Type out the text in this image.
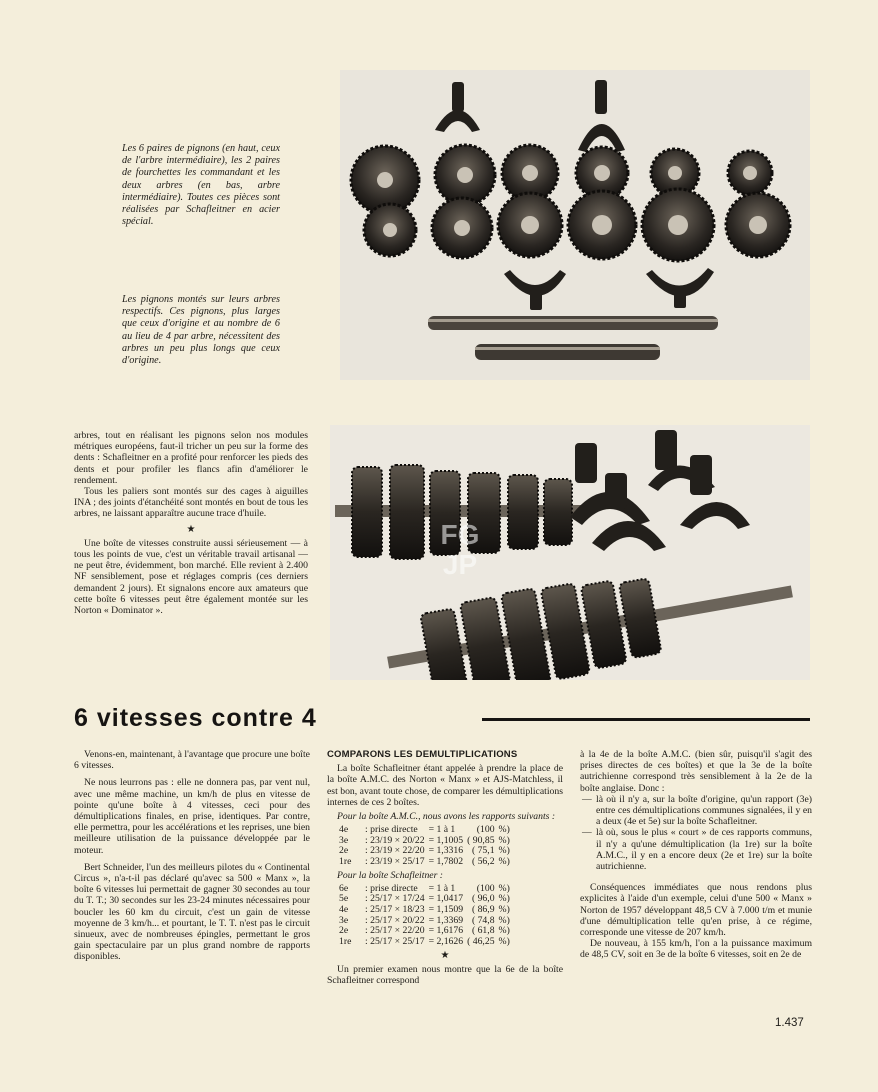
Les 6 paires de pignons (en haut, ceux de l'arbre intermédiaire), les 2 paires de fourchettes les commandant et les deux arbres (en bas, arbre intermédiaire). Toutes ces pièces sont réalisées par Schafleitner en acier spécial.

Les pignons montés sur leurs arbres respectifs. Ces pignons, plus larges que ceux d'origine et au nombre de 6 au lieu de 4 par arbre, nécessitent des arbres un peu plus longs que ceux d'origine.

arbres, tout en réalisant les pignons selon nos modules métriques européens, faut-il tricher un peu sur la forme des dents : Schafleitner en a profité pour renforcer les pieds des dents et pour profiler les flancs afin d'améliorer le rendement.

Tous les paliers sont montés sur des cages à aiguilles INA ; des joints d'étanchéité sont montés en bout de tous les arbres, ne laissant apparaître aucune trace d'huile.

★

Une boîte de vitesses construite aussi sérieusement — à tous les points de vue, c'est un véritable travail artisanal — ne peut être, évidemment, bon marché. Elle revient à 2.400 NF sensiblement, pose et réglages compris (ces derniers demandent 2 jours). Et signalons encore aux amateurs que cette boîte 6 vitesses peut être également montée sur les Norton « Dominator ».

FG
JP
6 vitesses contre 4

Venons-en, maintenant, à l'avantage que procure une boîte 6 vitesses.

Ne nous leurrons pas : elle ne donnera pas, par vent nul, avec une même machine, un km/h de plus en vitesse de pointe qu'une boîte à 4 vitesses, ceci pour des démultiplications finales, en prise, identiques. Par contre, elle permettra, pour les accélérations et les reprises, une bien meilleure utilisation de la puissance développée par le moteur.

Bert Schneider, l'un des meilleurs pilotes du « Continental Circus », n'a-t-il pas déclaré qu'avec sa 500 « Manx », la boîte 6 vitesses lui permettait de gagner 30 secondes au tour du T. T.; 30 secondes sur les 23-24 minutes nécessaires pour boucler les 60 km du circuit, c'est un gain de vitesse moyenne de 3 km/h... et pourtant, le T. T. n'est pas le circuit sinueux, avec de nombreuses épingles, permettant le gros gain spectaculaire par un plus grand nombre de rapports disponibles.

COMPARONS LES DEMULTIPLICATIONS

La boîte Schafleitner étant appelée à prendre la place de la boîte A.M.C. des Norton « Manx » et AJS-Matchless, il est bon, avant toute chose, de comparer les démultiplications internes de ces 2 boîtes.

Pour la boîte A.M.C., nous avons les rapports suivants :
4e	: prise directe	= 1 à 1	(100	%)
3e	: 23/19 × 20/22	= 1,1005	( 90,85	%)
2e	: 23/19 × 22/20	= 1,3316	( 75,1	%)
1re	: 23/19 × 25/17	= 1,7802	( 56,2	%)
Pour la boîte Schafleitner :
6e	: prise directe	= 1 à 1	(100	%)
5e	: 25/17 × 17/24	= 1,0417	( 96,0	%)
4e	: 25/17 × 18/23	= 1,1509	( 86,9	%)
3e	: 25/17 × 20/22	= 1,3369	( 74,8	%)
2e	: 25/17 × 22/20	= 1,6176	( 61,8	%)
1re	: 25/17 × 25/17	= 2,1626	( 46,25	%)
★

Un premier examen nous montre que la 6e de la boîte Schafleitner correspond

à la 4e de la boîte A.M.C. (bien sûr, puisqu'il s'agit des prises directes de ces boîtes) et que la 3e de la boîte autrichienne correspond très sensiblement à la 2e de la boîte anglaise. Donc :

— là où il n'y a, sur la boîte d'origine, qu'un rapport (3e) entre ces démultiplications communes signalées, il y en a deux (4e et 5e) sur la boîte Schafleitner.

— là où, sous le plus « court » de ces rapports communs, il n'y a qu'une démultiplication (la 1re) sur la boîte A.M.C., il y en a encore deux (2e et 1re) sur la boîte autrichienne.

Conséquences immédiates que nous rendons plus explicites à l'aide d'un exemple, celui d'une 500 « Manx » Norton de 1957 développant 48,5 CV à 7.000 t/m et munie d'une démultiplication telle qu'en prise, à ce régime, corresponde une vitesse de 207 km/h.

De nouveau, à 155 km/h, l'on a la puissance maximum de 48,5 CV, soit en 3e de la boîte 6 vitesses, soit en 2e de

1.437
